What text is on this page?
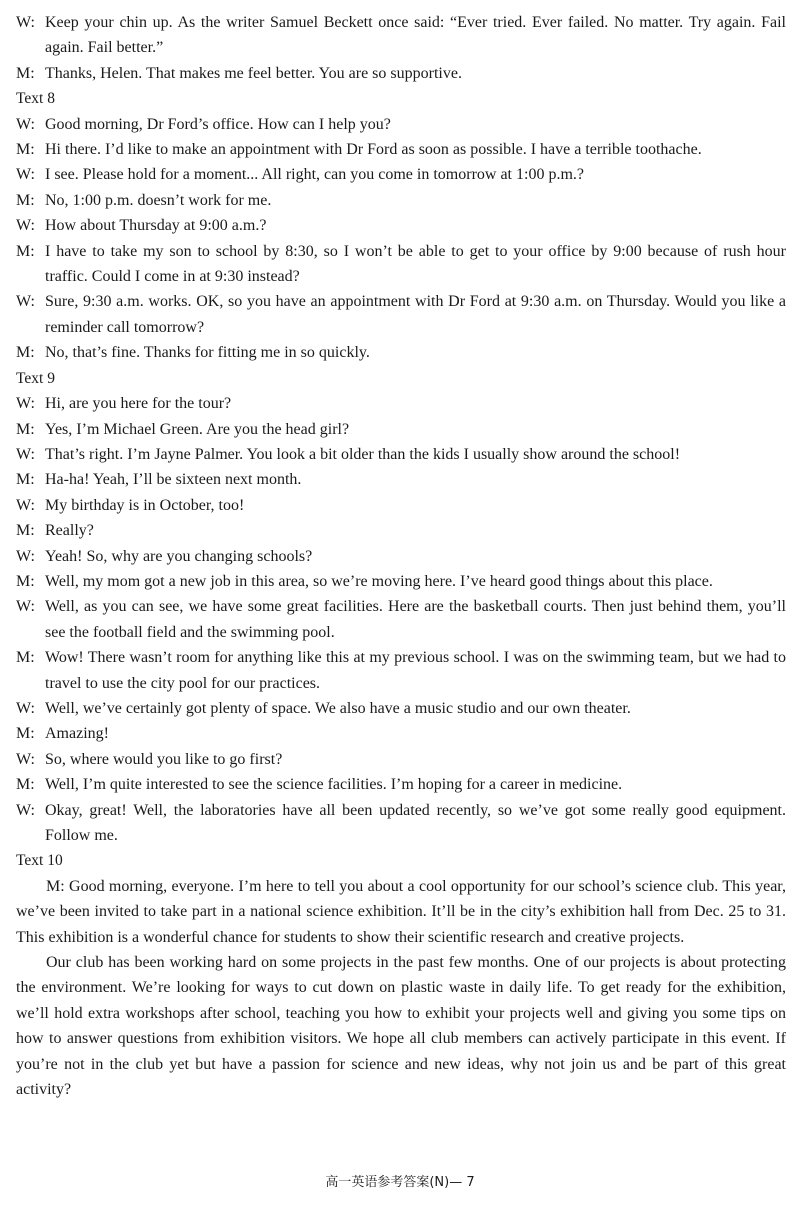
W: Keep your chin up. As the writer Samuel Beckett once said: “Ever tried. Ever failed. No matter. Try again. Fail again. Fail better.”
M: Thanks, Helen. That makes me feel better. You are so supportive.
Text 8
W: Good morning, Dr Ford’s office. How can I help you?
M: Hi there. I’d like to make an appointment with Dr Ford as soon as possible. I have a terrible toothache.
W: I see. Please hold for a moment... All right, can you come in tomorrow at 1:00 p.m.?
M: No, 1:00 p.m. doesn’t work for me.
W: How about Thursday at 9:00 a.m.?
M: I have to take my son to school by 8:30, so I won’t be able to get to your office by 9:00 because of rush hour traffic. Could I come in at 9:30 instead?
W: Sure, 9:30 a.m. works. OK, so you have an appointment with Dr Ford at 9:30 a.m. on Thursday. Would you like a reminder call tomorrow?
M: No, that’s fine. Thanks for fitting me in so quickly.
Text 9
W: Hi, are you here for the tour?
M: Yes, I’m Michael Green. Are you the head girl?
W: That’s right. I’m Jayne Palmer. You look a bit older than the kids I usually show around the school!
M: Ha-ha! Yeah, I’ll be sixteen next month.
W: My birthday is in October, too!
M: Really?
W: Yeah! So, why are you changing schools?
M: Well, my mom got a new job in this area, so we’re moving here. I’ve heard good things about this place.
W: Well, as you can see, we have some great facilities. Here are the basketball courts. Then just behind them, you’ll see the football field and the swimming pool.
M: Wow! There wasn’t room for anything like this at my previous school. I was on the swimming team, but we had to travel to use the city pool for our practices.
W: Well, we’ve certainly got plenty of space. We also have a music studio and our own theater.
M: Amazing!
W: So, where would you like to go first?
M: Well, I’m quite interested to see the science facilities. I’m hoping for a career in medicine.
W: Okay, great! Well, the laboratories have all been updated recently, so we’ve got some really good equipment. Follow me.
Text 10
M: Good morning, everyone. I’m here to tell you about a cool opportunity for our school’s science club. This year, we’ve been invited to take part in a national science exhibition. It’ll be in the city’s exhibition hall from Dec. 25 to 31. This exhibition is a wonderful chance for students to show their scientific research and creative projects.
Our club has been working hard on some projects in the past few months. One of our projects is about protecting the environment. We’re looking for ways to cut down on plastic waste in daily life. To get ready for the exhibition, we’ll hold extra workshops after school, teaching you how to exhibit your projects well and giving you some tips on how to answer questions from exhibition visitors. We hope all club members can actively participate in this event. If you’re not in the club yet but have a passion for science and new ideas, why not join us and be part of this great activity?
高一英语参考答案(N)— 7
